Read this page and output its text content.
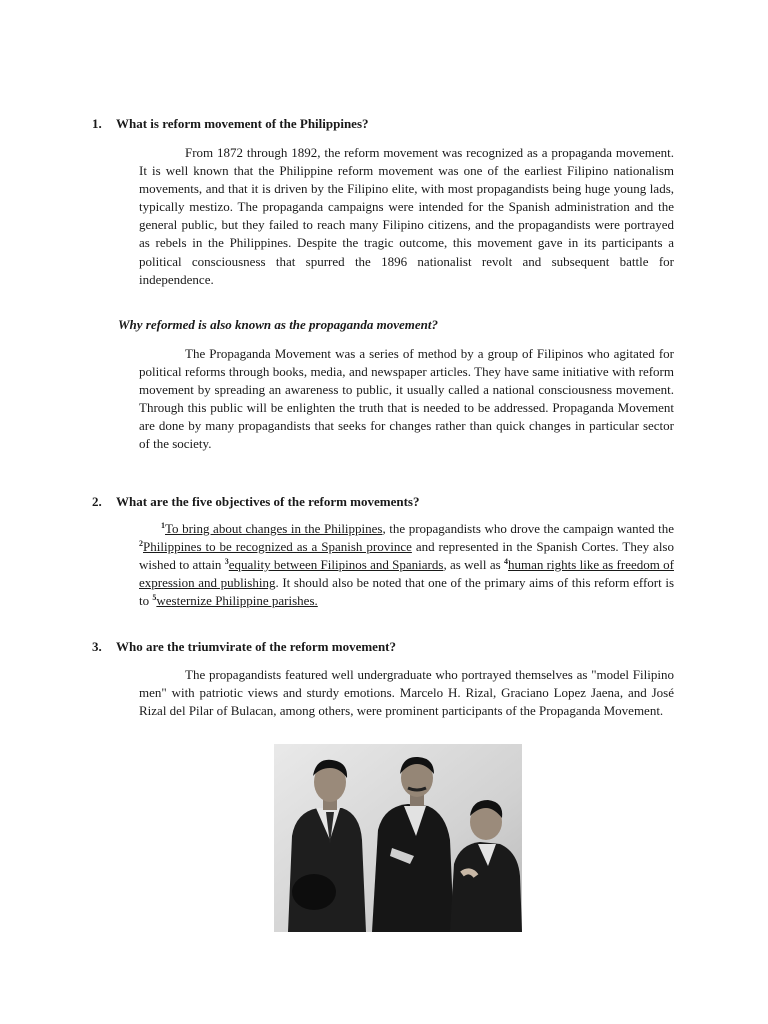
1. What is reform movement of the Philippines?

From 1872 through 1892, the reform movement was recognized as a propaganda movement. It is well known that the Philippine reform movement was one of the earliest Filipino nationalism movements, and that it is driven by the Filipino elite, with most propagandists being huge young lads, typically mestizo. The propaganda campaigns were intended for the Spanish administration and the general public, but they failed to reach many Filipino citizens, and the propagandists were portrayed as rebels in the Philippines. Despite the tragic outcome, this movement gave in its participants a political consciousness that spurred the 1896 nationalist revolt and subsequent battle for independence.

Why reformed is also known as the propaganda movement?

The Propaganda Movement was a series of method by a group of Filipinos who agitated for political reforms through books, media, and newspaper articles. They have same initiative with reform movement by spreading an awareness to public, it usually called a national consciousness movement. Through this public will be enlighten the truth that is needed to be addressed. Propaganda Movement are done by many propagandists that seeks for changes rather than quick changes in particular sector of the society.

2. What are the five objectives of the reform movements?

$^1$To bring about changes in the Philippines, the propagandists who drove the campaign wanted the $^2$Philippines to be recognized as a Spanish province and represented in the Spanish Cortes. They also wished to attain $^3$equality between Filipinos and Spaniards, as well as $^4$human rights like as freedom of expression and publishing. It should also be noted that one of the primary aims of this reform effort is to $^5$westernize Philippine parishes.

3. Who are the triumvirate of the reform movement?

The propagandists featured well undergraduate who portrayed themselves as "model Filipino men" with patriotic views and sturdy emotions. Marcelo H. Rizal, Graciano Lopez Jaena, and José Rizal del Pilar of Bulacan, among others, were prominent participants of the Propaganda Movement.
